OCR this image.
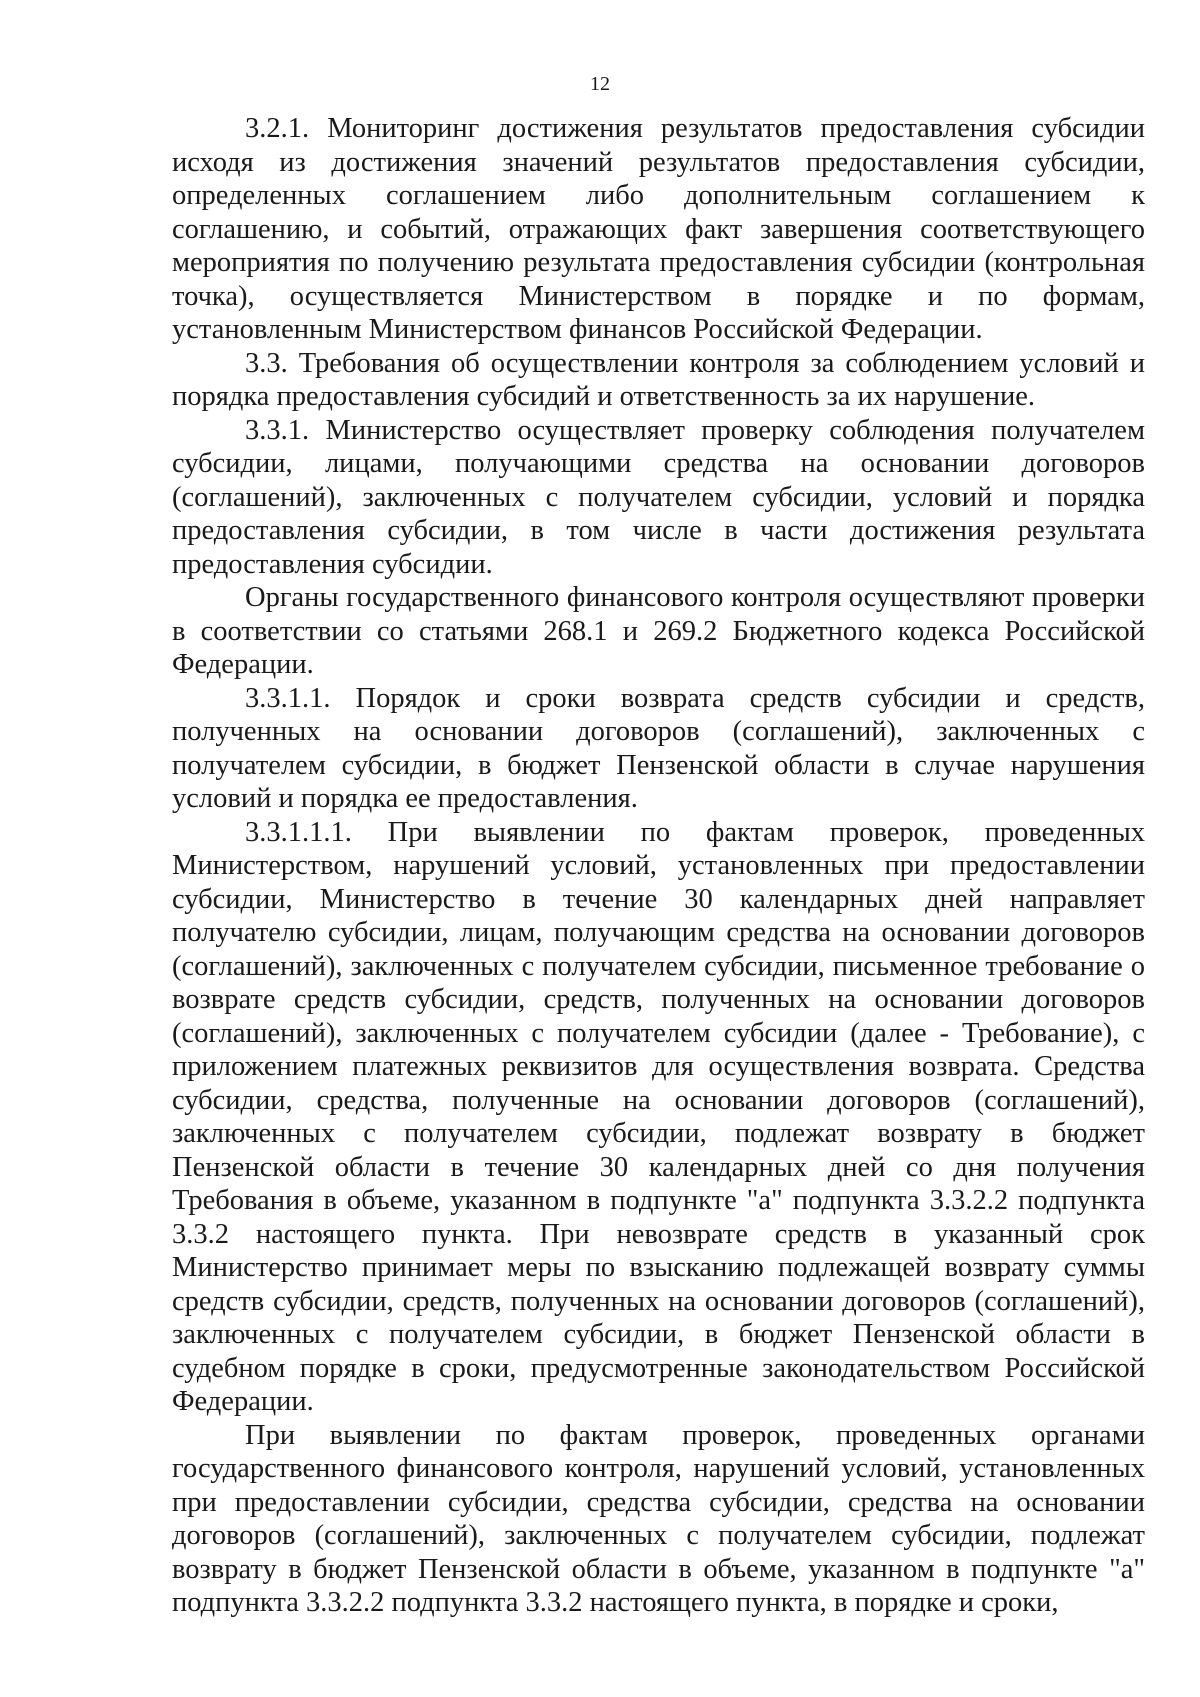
12

3.2.1. Мониторинг достижения результатов предоставления субсидии исходя из достижения значений результатов предоставления субсидии, определенных соглашением либо дополнительным соглашением к соглашению, и событий, отражающих факт завершения соответствующего мероприятия по получению результата предоставления субсидии (контрольная точка), осуществляется Министерством в порядке и по формам, установленным Министерством финансов Российской Федерации.

3.3. Требования об осуществлении контроля за соблюдением условий и порядка предоставления субсидий и ответственность за их нарушение.

3.3.1. Министерство осуществляет проверку соблюдения получателем субсидии, лицами, получающими средства на основании договоров (соглашений), заключенных с получателем субсидии, условий и порядка предоставления субсидии, в том числе в части достижения результата предоставления субсидии.

Органы государственного финансового контроля осуществляют проверки в соответствии со статьями 268.1 и 269.2 Бюджетного кодекса Российской Федерации.

3.3.1.1. Порядок и сроки возврата средств субсидии и средств, полученных на основании договоров (соглашений), заключенных с получателем субсидии, в бюджет Пензенской области в случае нарушения условий и порядка ее предоставления.

3.3.1.1.1. При выявлении по фактам проверок, проведенных Министерством, нарушений условий, установленных при предоставлении субсидии, Министерство в течение 30 календарных дней направляет получателю субсидии, лицам, получающим средства на основании договоров (соглашений), заключенных с получателем субсидии, письменное требование о возврате средств субсидии, средств, полученных на основании договоров (соглашений), заключенных с получателем субсидии (далее - Требование), с приложением платежных реквизитов для осуществления возврата. Средства субсидии, средства, полученные на основании договоров (соглашений), заключенных с получателем субсидии, подлежат возврату в бюджет Пензенской области в течение 30 календарных дней со дня получения Требования в объеме, указанном в подпункте "а" подпункта 3.3.2.2 подпункта 3.3.2 настоящего пункта. При невозврате средств в указанный срок Министерство принимает меры по взысканию подлежащей возврату суммы средств субсидии, средств, полученных на основании договоров (соглашений), заключенных с получателем субсидии, в бюджет Пензенской области в судебном порядке в сроки, предусмотренные законодательством Российской Федерации.

При выявлении по фактам проверок, проведенных органами государственного финансового контроля, нарушений условий, установленных при предоставлении субсидии, средства субсидии, средства на основании договоров (соглашений), заключенных с получателем субсидии, подлежат возврату в бюджет Пензенской области в объеме, указанном в подпункте "а" подпункта 3.3.2.2 подпункта 3.3.2 настоящего пункта, в порядке и сроки,
